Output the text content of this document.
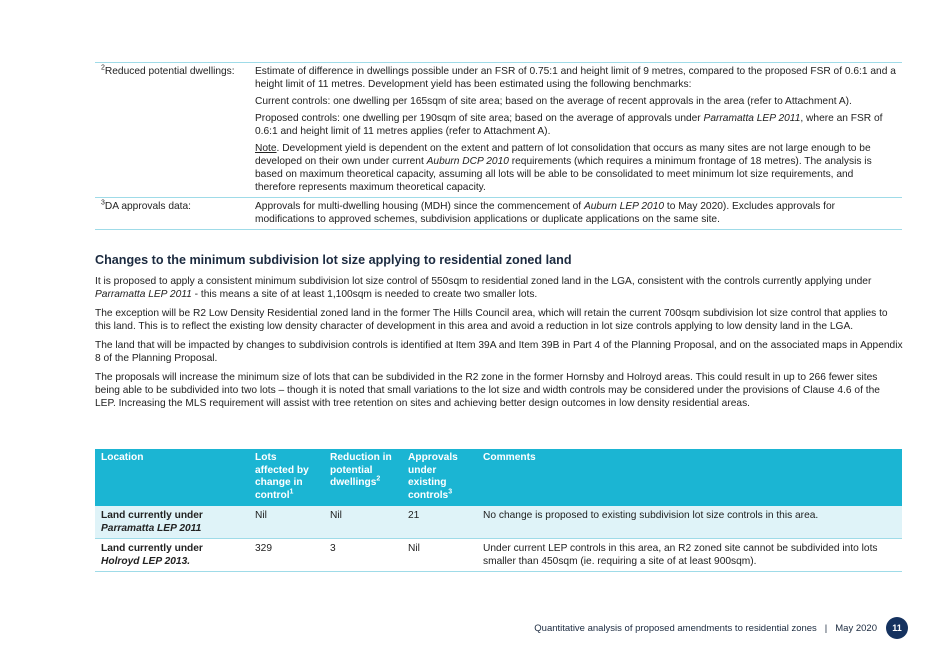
$^2$Reduced potential dwellings:	Estimate of difference in dwellings possible under an FSR of 0.75:1 and height limit of 9 metres, compared to the proposed FSR of 0.6:1 and a height limit of 11 metres. Development yield has been estimated using the following benchmarks:

Current controls: one dwelling per 165sqm of site area; based on the average of recent approvals in the area (refer to Attachment A).

Proposed controls: one dwelling per 190sqm of site area; based on the average of approvals under Parramatta LEP 2011, where an FSR of 0.6:1 and height limit of 11 metres applies (refer to Attachment A).

Note. Development yield is dependent on the extent and pattern of lot consolidation that occurs as many sites are not large enough to be developed on their own under current Auburn DCP 2010 requirements (which requires a minimum frontage of 18 metres). The analysis is based on maximum theoretical capacity, assuming all lots will be able to be consolidated to meet minimum lot size requirements, and therefore represents maximum theoretical capacity.

$^3$DA approvals data:	Approvals for multi-dwelling housing (MDH) since the commencement of Auburn LEP 2010 to May 2020). Excludes approvals for modifications to approved schemes, subdivision applications or duplicate applications on the same site.

Changes to the minimum subdivision lot size applying to residential zoned land

It is proposed to apply a consistent minimum subdivision lot size control of 550sqm to residential zoned land in the LGA, consistent with the controls currently applying under Parramatta LEP 2011 - this means a site of at least 1,100sqm is needed to create two smaller lots.

The exception will be R2 Low Density Residential zoned land in the former The Hills Council area, which will retain the current 700sqm subdivision lot size control that applies to this land. This is to reflect the existing low density character of development in this area and avoid a reduction in lot size controls applying to low density land in the LGA.

The land that will be impacted by changes to subdivision controls is identified at Item 39A and Item 39B in Part 4 of the Planning Proposal, and on the associated maps in Appendix 8 of the Planning Proposal.

The proposals will increase the minimum size of lots that can be subdivided in the R2 zone in the former Hornsby and Holroyd areas. This could result in up to 266 fewer sites being able to be subdivided into two lots – though it is noted that small variations to the lot size and width controls may be considered under the provisions of Clause 4.6 of the LEP. Increasing the MLS requirement will assist with tree retention on sites and achieving better design outcomes in low density residential areas.

Location	Lots affected by change in control$^1$	Reduction in potential dwellings$^2$	Approvals under existing controls$^3$	Comments
Land currently under
Parramatta LEP 2011	Nil	Nil	21	No change is proposed to existing subdivision lot size controls in this area.
Land currently under
Holroyd LEP 2013.	329	3	Nil	Under current LEP controls in this area, an R2 zoned site cannot be subdivided into lots smaller than 450sqm (ie. requiring a site of at least 900sqm).
Quantitative analysis of proposed amendments to residential zones | May 2020	11
